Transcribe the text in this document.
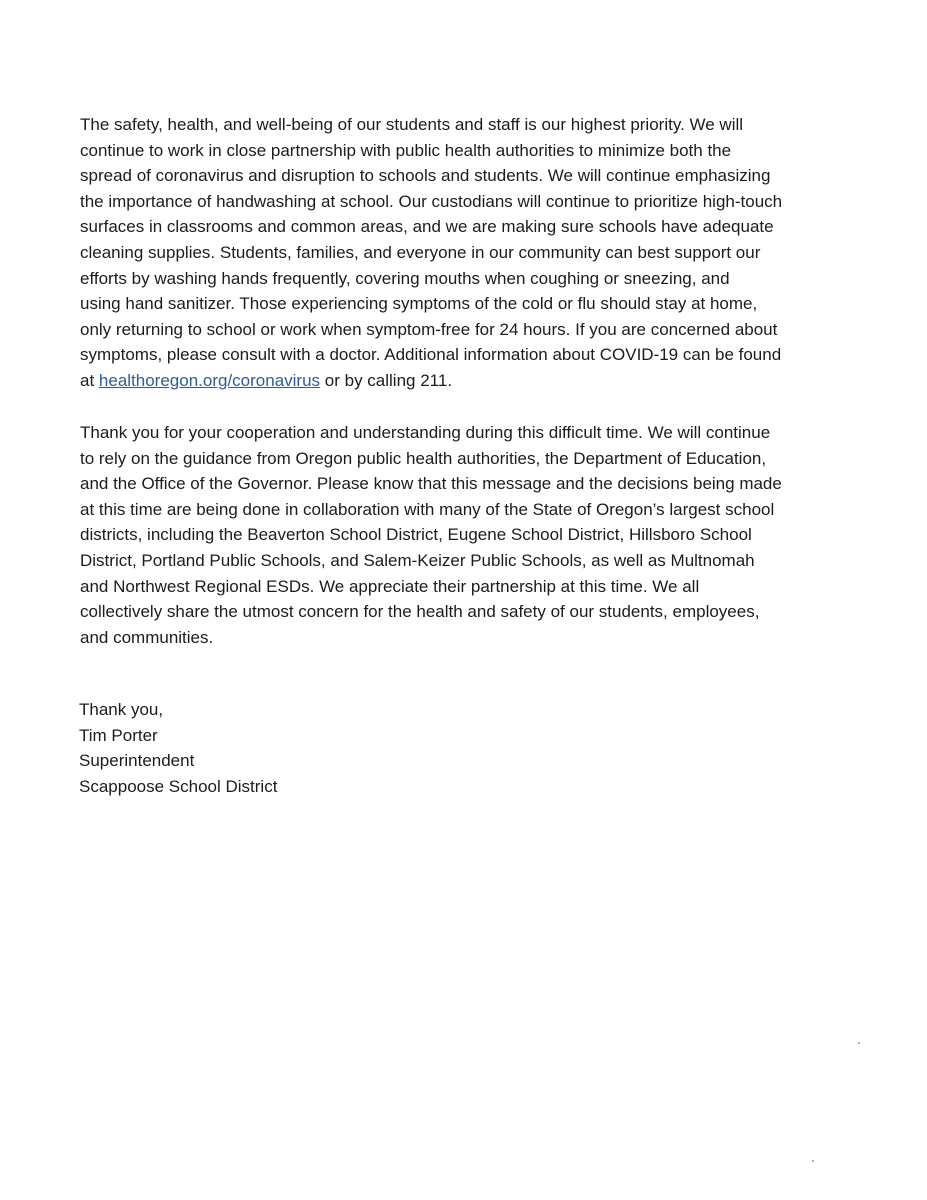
The safety, health, and well-being of our students and staff is our highest priority. We will
continue to work in close partnership with public health authorities to minimize both the
spread of coronavirus and disruption to schools and students. We will continue emphasizing
the importance of handwashing at school. Our custodians will continue to prioritize high-touch
surfaces in classrooms and common areas, and we are making sure schools have adequate
cleaning supplies. Students, families, and everyone in our community can best support our
efforts by washing hands frequently, covering mouths when coughing or sneezing, and
using hand sanitizer. Those experiencing symptoms of the cold or flu should stay at home,
only returning to school or work when symptom-free for 24 hours. If you are concerned about
symptoms, please consult with a doctor. Additional information about COVID-19 can be found
at healthoregon.org/coronavirus or by calling 211.

Thank you for your cooperation and understanding during this difficult time. We will continue
to rely on the guidance from Oregon public health authorities, the Department of Education,
and the Office of the Governor. Please know that this message and the decisions being made
at this time are being done in collaboration with many of the State of Oregon’s largest school
districts, including the Beaverton School District, Eugene School District, Hillsboro School
District, Portland Public Schools, and Salem-Keizer Public Schools, as well as Multnomah
and Northwest Regional ESDs. We appreciate their partnership at this time. We all
collectively share the utmost concern for the health and safety of our students, employees,
and communities.

Thank you,
Tim Porter
Superintendent
Scappoose School District
